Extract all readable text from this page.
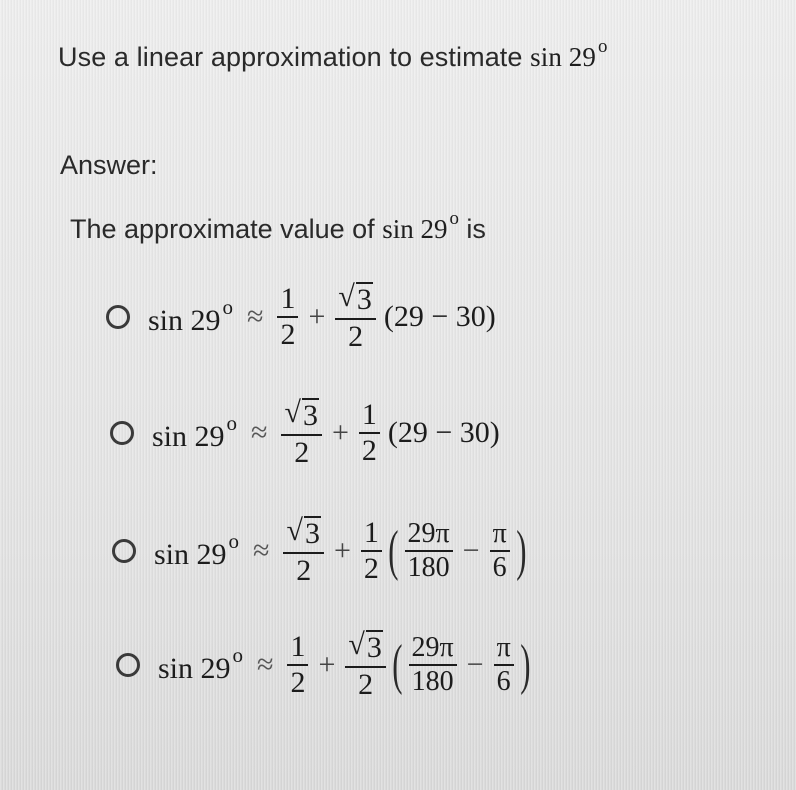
Use a linear approximation to estimate sin 29 $^o$
Answer:
The approximate value of sin 29 $^o$ is
$\sin 29^o \approx \frac{1}{2} + \frac{√ 3}{2} (29 - 30)$
$\sin 29^o \approx \frac{√ 3}{2} + \frac{1}{2} (29 - 30)$
$\sin 29^o \approx \frac{√ 3}{2} + \frac{1}{2}$ ( $\frac{29\pi}{180} - \frac{\pi}{6}$ )
$\sin 29^o \approx \frac{1}{2} + \frac{√ 3}{2}$ ( $\frac{29\pi}{180} - \frac{\pi}{6}$ )
